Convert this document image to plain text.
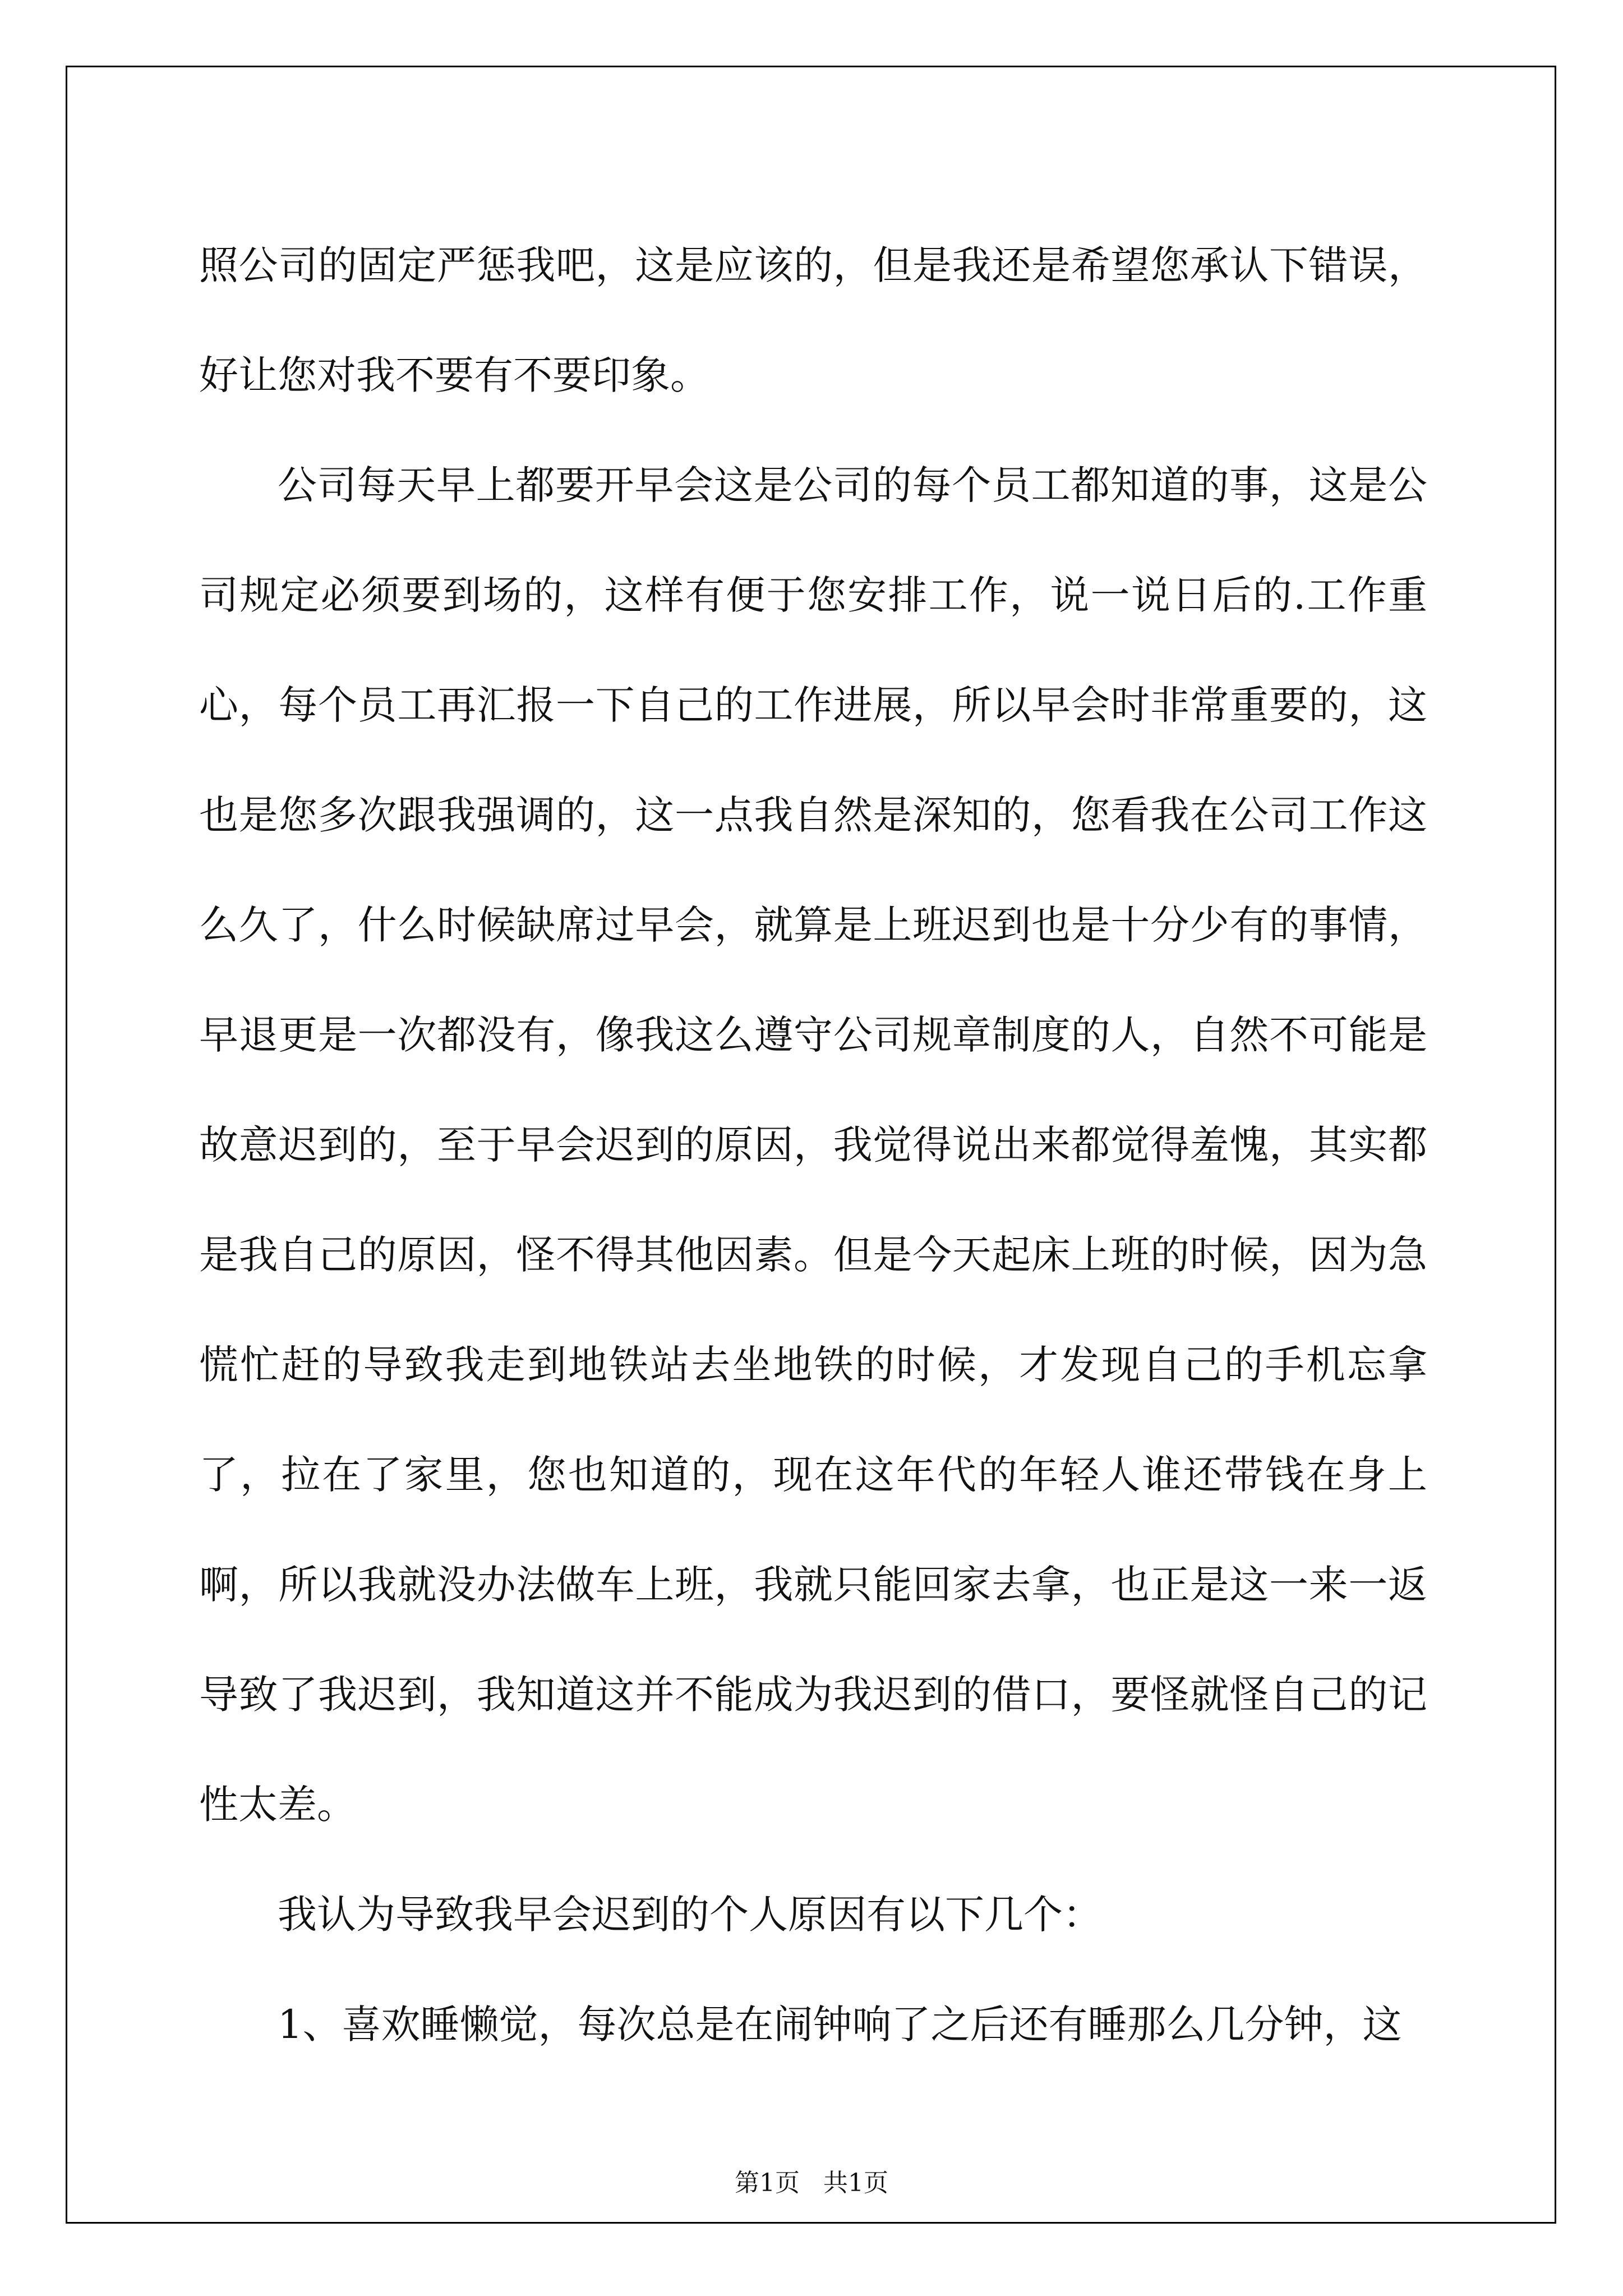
照公司的固定严惩我吧，这是应该的，但是我还是希望您承认下错误，好让您对我不要有不要印象。

公司每天早上都要开早会这是公司的每个员工都知道的事，这是公司规定必须要到场的，这样有便于您安排工作，说一说日后的.工作重心，每个员工再汇报一下自己的工作进展，所以早会时非常重要的，这也是您多次跟我强调的，这一点我自然是深知的，您看我在公司工作这么久了，什么时候缺席过早会，就算是上班迟到也是十分少有的事情，早退更是一次都没有，像我这么遵守公司规章制度的人，自然不可能是故意迟到的，至于早会迟到的原因，我觉得说出来都觉得羞愧，其实都是我自己的原因，怪不得其他因素。但是今天起床上班的时候，因为急慌忙赶的导致我走到地铁站去坐地铁的时候，才发现自己的手机忘拿了，拉在了家里，您也知道的，现在这年代的年轻人谁还带钱在身上啊，所以我就没办法做车上班，我就只能回家去拿，也正是这一来一返导致了我迟到，我知道这并不能成为我迟到的借口，要怪就怪自己的记性太差。

我认为导致我早会迟到的个人原因有以下几个：

1、喜欢睡懒觉，每次总是在闹钟响了之后还有睡那么几分钟，这

第1页 共1页
